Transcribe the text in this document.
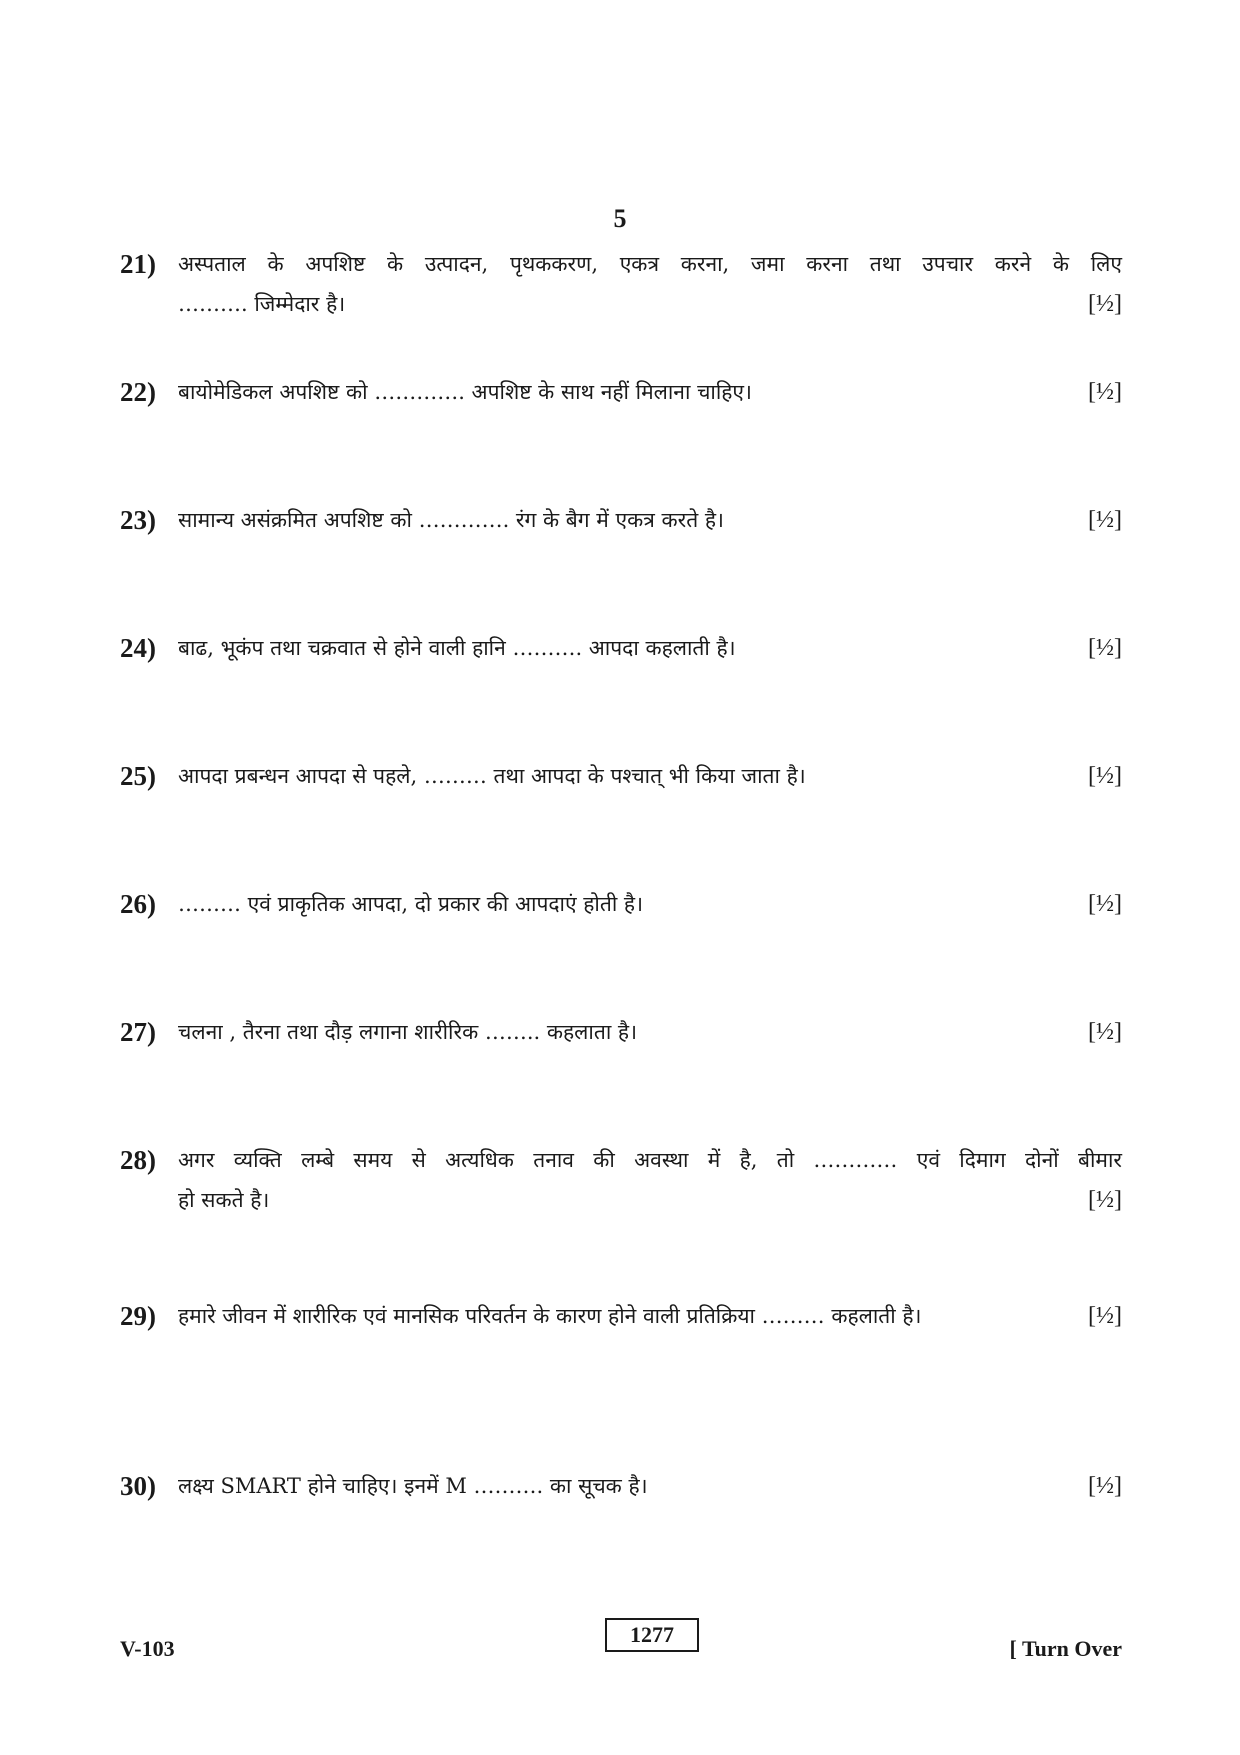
5
21) अस्पताल के अपशिष्ट के उत्पादन, पृथककरण, एकत्र करना, जमा करना तथा उपचार करने के लिए
………. जिम्मेदार है।	[½]
22) बायोमेडिकल अपशिष्ट को …………. अपशिष्ट के साथ नहीं मिलाना चाहिए।	[½]
23) सामान्य असंक्रमित अपशिष्ट को …………. रंग के बैग में एकत्र करते है।	[½]
24) बाढ, भूकंप तथा चक्रवात से होने वाली हानि ………. आपदा कहलाती है।	[½]
25) आपदा प्रबन्धन आपदा से पहले, ……… तथा आपदा के पश्चात् भी किया जाता है।	[½]
26) ……… एवं प्राकृतिक आपदा, दो प्रकार की आपदाएं होती है।	[½]
27) चलना , तैरना तथा दौड़ लगाना शारीरिक …….. कहलाता है।	[½]
28) अगर व्यक्ति लम्बे समय से अत्यधिक तनाव की अवस्था में है, तो ………… एवं दिमाग दोनों बीमार
हो सकते है।	[½]
29) हमारे जीवन में शारीरिक एवं मानसिक परिवर्तन के कारण होने वाली प्रतिक्रिया ……… कहलाती है।	[½]
30) लक्ष्य SMART होने चाहिए। इनमें M ………. का सूचक है।	[½]
V-103
1277
[ Turn Over
